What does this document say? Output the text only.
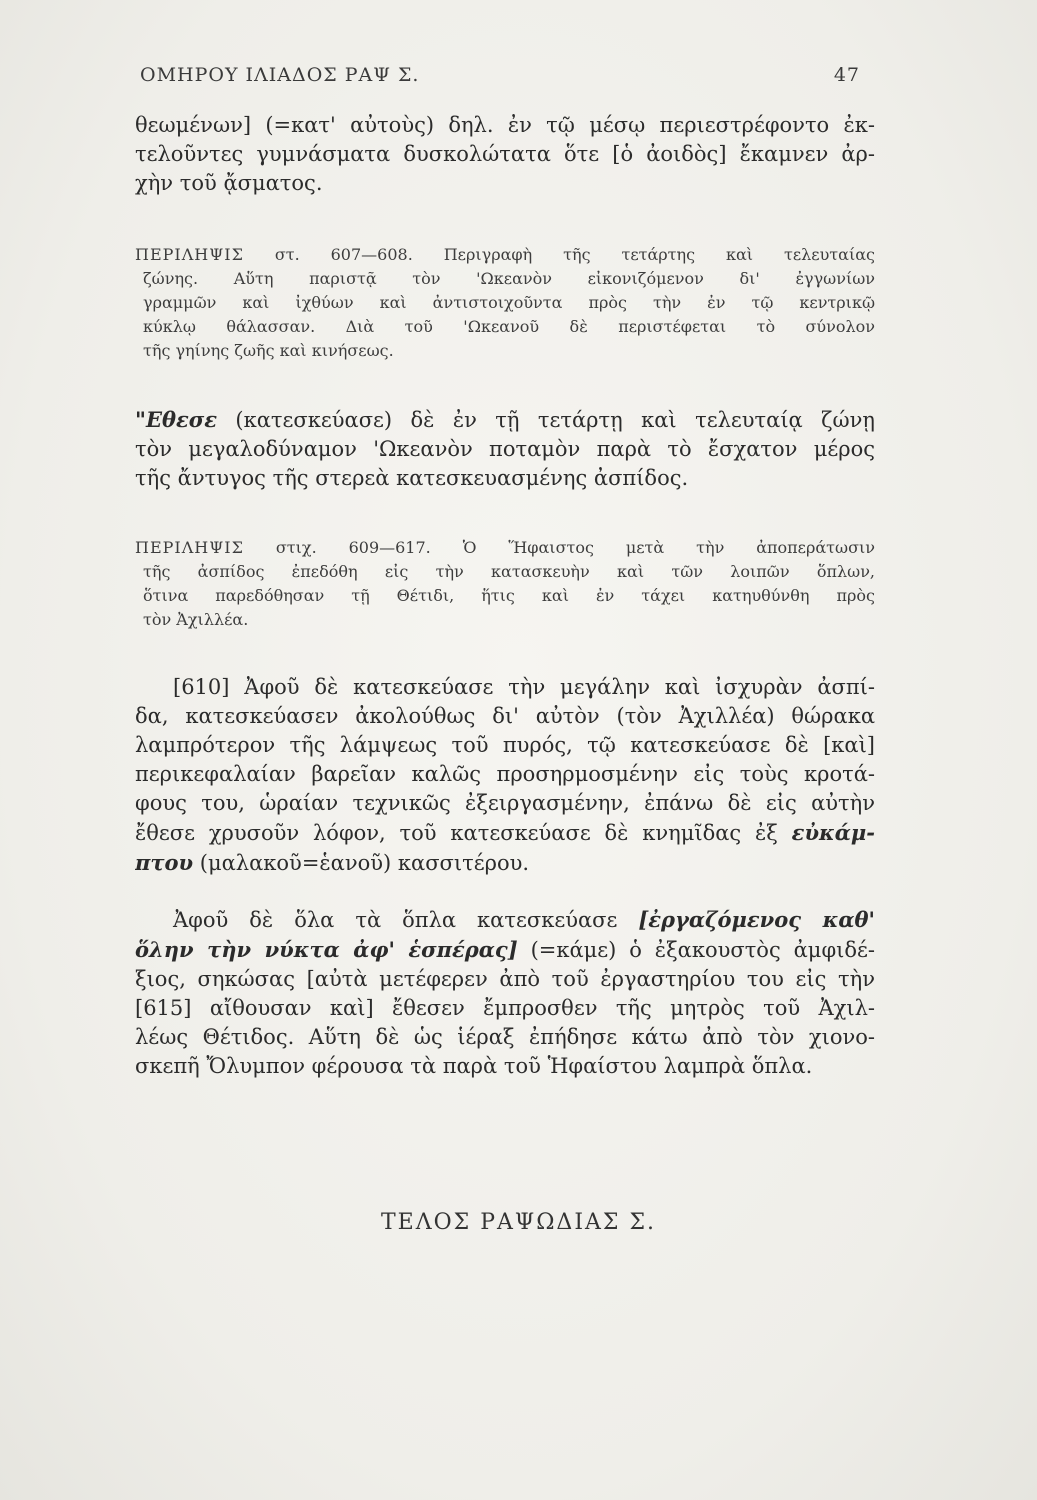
ΟΜΗΡΟΥ ΙΛΙΑΔΟΣ ΡΑΨ Σ.	47
θεωμένων] (=κατ' αὐτοὺς) δηλ. ἐν τῷ μέσῳ περιεστρέφοντο ἐκ-
τελοῦντες γυμνάσματα δυσκολώτατα ὅτε [ὁ ἀοιδὸς] ἔκαμνεν ἀρ-
χὴν τοῦ ᾄσματος.
ΠΕΡΙΛΗΨΙΣ στ. 607—608. Περιγραφὴ τῆς τετάρτης καὶ τελευταίας
ζώνης. Αὕτη παριστᾷ τὸν 'Ωκεανὸν εἰκονιζόμενον δι' ἐγγωνίων
γραμμῶν καὶ ἰχθύων καὶ ἀντιστοιχοῦντα πρὸς τὴν ἐν τῷ κεντρικῷ
κύκλῳ θάλασσαν. Διὰ τοῦ 'Ωκεανοῦ δὲ περιστέφεται τὸ σύνολον
τῆς γηίνης ζωῆς καὶ κινήσεως.
"Εθεσε (κατεσκεύασε) δὲ ἐν τῇ τετάρτῃ καὶ τελευταίᾳ ζώνῃ
τὸν μεγαλοδύναμον 'Ωκεανὸν ποταμὸν παρὰ τὸ ἔσχατον μέρος
τῆς ἄντυγος τῆς στερεὰ κατεσκευασμένης ἀσπίδος.
ΠΕΡΙΛΗΨΙΣ στιχ. 609—617. Ὁ Ἥφαιστος μετὰ τὴν ἀποπεράτωσιν
τῆς ἀσπίδος ἐπεδόθη εἰς τὴν κατασκευὴν καὶ τῶν λοιπῶν ὅπλων,
ὅτινα παρεδόθησαν τῇ Θέτιδι, ἥτις καὶ ἐν τάχει κατηυθύνθη πρὸς
τὸν Ἀχιλλέα.
[610] Ἀφοῦ δὲ κατεσκεύασε τὴν μεγάλην καὶ ἰσχυρὰν ἀσπί-
δα, κατεσκεύασεν ἀκολούθως δι' αὐτὸν (τὸν Ἀχιλλέα) θώρακα
λαμπρότερον τῆς λάμψεως τοῦ πυρός, τῷ κατεσκεύασε δὲ [καὶ]
περικεφαλαίαν βαρεῖαν καλῶς προσηρμοσμένην εἰς τοὺς κροτά-
φους του, ὡραίαν τεχνικῶς ἐξειργασμένην, ἐπάνω δὲ εἰς αὐτὴν
ἔθεσε χρυσοῦν λόφον, τοῦ κατεσκεύασε δὲ κνημῖδας ἐξ εὐκάμ-
πτου (μαλακοῦ=ἑανοῦ) κασσιτέρου.
Ἀφοῦ δὲ ὅλα τὰ ὅπλα κατεσκεύασε [ἐργαζόμενος καθ'
ὅλην τὴν νύκτα ἀφ' ἑσπέρας] (=κάμε) ὁ ἐξακουστὸς ἀμφιδέ-
ξιος, σηκώσας [αὐτὰ μετέφερεν ἀπὸ τοῦ ἐργαστηρίου του εἰς τὴν
[615] αἴθουσαν καὶ] ἔθεσεν ἔμπροσθεν τῆς μητρὸς τοῦ Ἀχιλ-
λέως Θέτιδος. Αὕτη δὲ ὡς ἱέραξ ἐπήδησε κάτω ἀπὸ τὸν χιονο-
σκεπῆ Ὄλυμπον φέρουσα τὰ παρὰ τοῦ Ἡφαίστου λαμπρὰ ὅπλα.
ΤΕΛΟΣ ΡΑΨΩΔΙΑΣ Σ.
